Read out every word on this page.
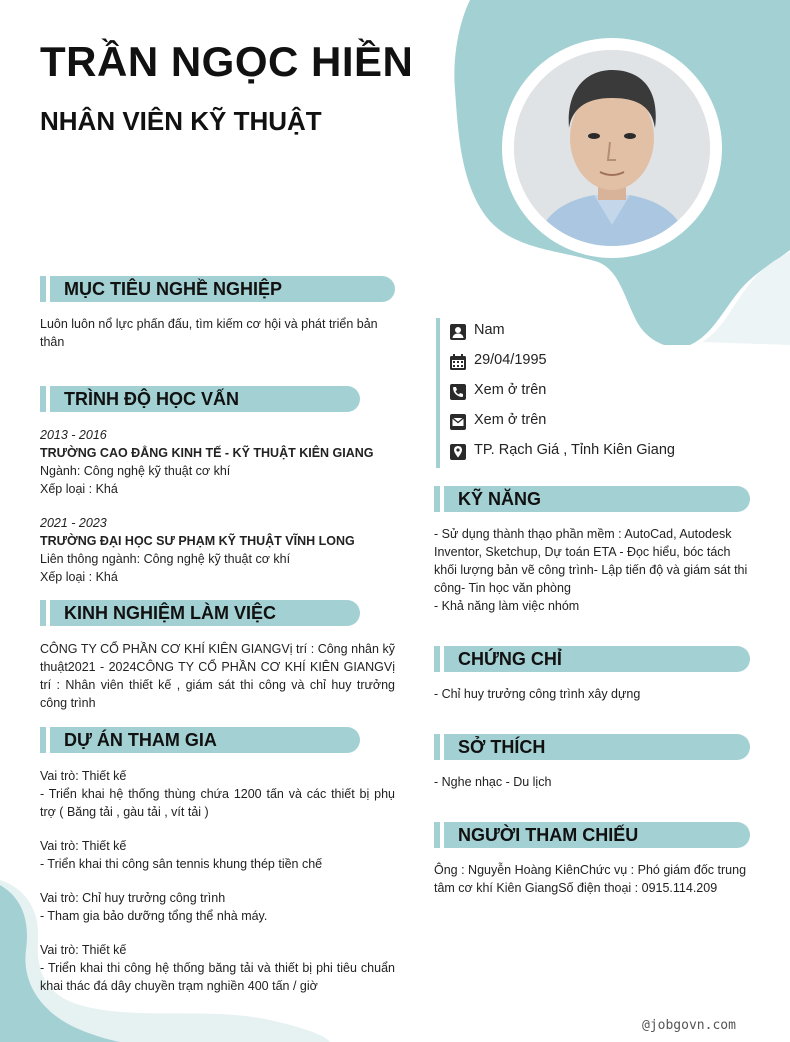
TRẦN NGỌC HIỀN
NHÂN VIÊN KỸ THUẬT
MỤC TIÊU NGHỀ NGHIỆP
Luôn luôn nổ lực phấn đấu, tìm kiếm cơ hội và phát triển bản thân
TRÌNH ĐỘ HỌC VẤN
2013 - 2016
TRƯỜNG CAO ĐẲNG KINH TẾ - KỸ THUẬT KIÊN GIANG
Ngành: Công nghệ kỹ thuật cơ khí
Xếp loại : Khá
2021 - 2023
TRƯỜNG ĐẠI HỌC SƯ PHẠM KỸ THUẬT VĨNH LONG
Liên thông ngành: Công nghệ kỹ thuật cơ khí
Xếp loại : Khá
KINH NGHIỆM LÀM VIỆC
CÔNG TY CỔ PHẦN CƠ KHÍ KIÊN GIANGVị trí : Công nhân kỹ thuật2021 - 2024CÔNG TY CỔ PHẦN CƠ KHÍ KIÊN GIANGVị trí : Nhân viên thiết kế , giám sát thi công và chỉ huy trưởng công trình
DỰ ÁN THAM GIA
Vai trò: Thiết kế
- Triển khai hệ thống thùng chứa 1200 tấn và các thiết bị phụ trợ ( Băng tải , gàu tải , vít tải )
Vai trò: Thiết kế
- Triển khai thi công sân tennis khung thép tiền chế
Vai trò: Chỉ huy trưởng công trình
- Tham gia bảo dưỡng tổng thể nhà máy.
Vai trò: Thiết kế
- Triển khai thi công hệ thống băng tải và thiết bị phi tiêu chuẩn khai thác đá dây chuyền trạm nghiền 400 tấn / giờ
Nam
29/04/1995
Xem ở trên
Xem ở trên
TP. Rạch Giá , Tỉnh Kiên Giang
KỸ NĂNG
- Sử dụng thành thạo phần mềm : AutoCad, Autodesk Inventor, Sketchup, Dự toán ETA - Đọc hiểu, bóc tách khối lượng bản vẽ công trình- Lập tiến độ và giám sát thi công- Tin học văn phòng
- Khả năng làm việc nhóm
CHỨNG CHỈ
- Chỉ huy trưởng công trình xây dựng
SỞ THÍCH
- Nghe nhạc - Du lịch
NGƯỜI THAM CHIẾU
Ông : Nguyễn Hoàng KiênChức vụ : Phó giám đốc trung tâm cơ khí Kiên GiangSố điện thoại : 0915.114.209
@jobgovn.com
